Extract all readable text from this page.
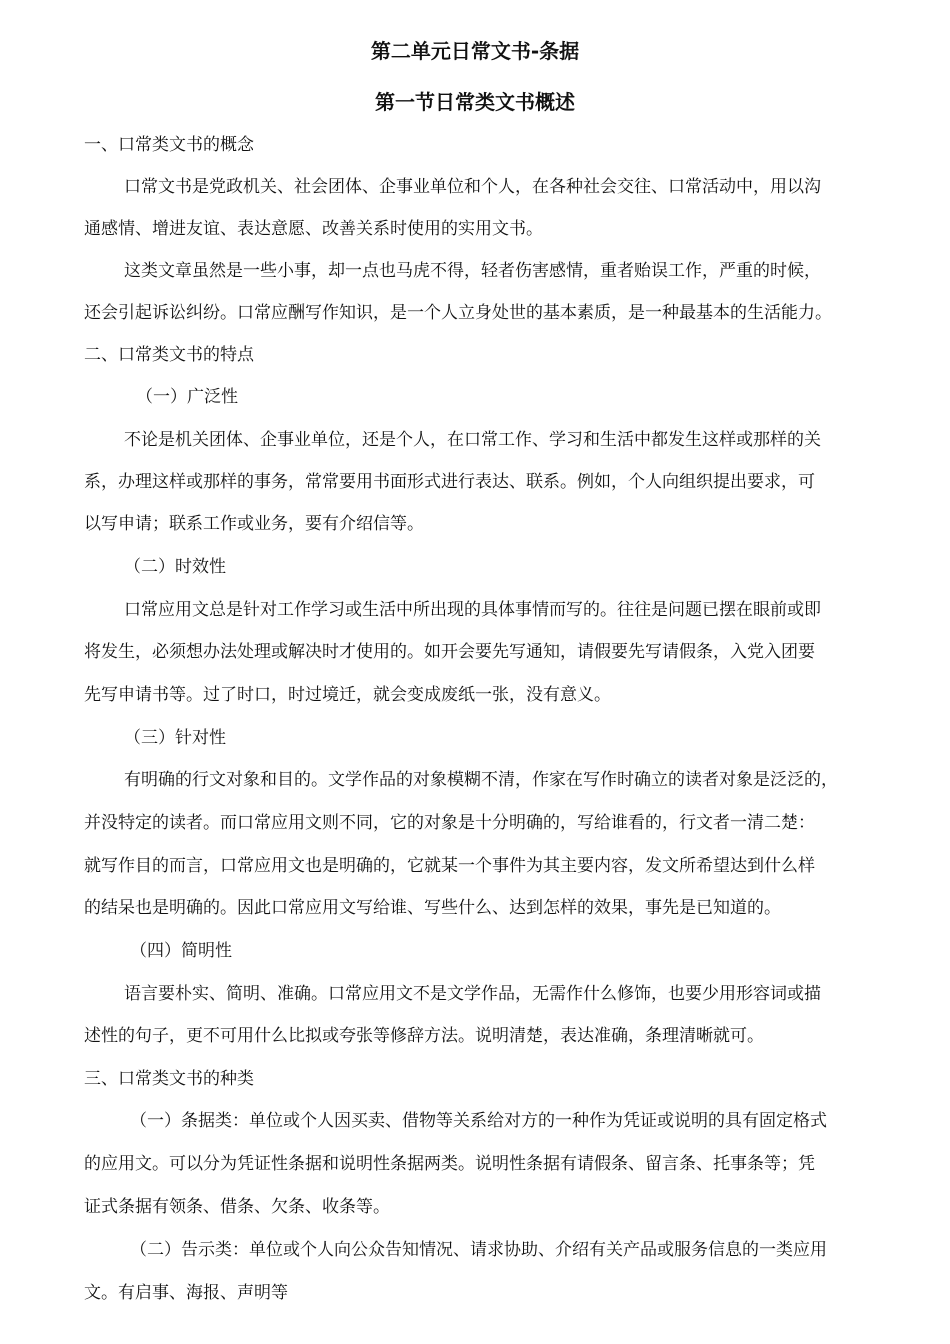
第二单元日常文书-条据
第一节日常类文书概述

一、口常类文书的概念

口常文书是党政机关、社会团体、企事业单位和个人，在各种社会交往、口常活动中，用以沟

通感情、增进友谊、表达意愿、改善关系时使用的实用文书。

这类文章虽然是一些小事，却一点也马虎不得，轻者伤害感情，重者贻误工作，严重的时候，

还会引起诉讼纠纷。口常应酬写作知识，是一个人立身处世的基本素质，是一种最基本的生活能力。

二、口常类文书的特点

（一）广泛性

不论是机关团体、企事业单位，还是个人，在口常工作、学习和生活中都发生这样或那样的关

系，办理这样或那样的事务，常常要用书面形式进行表达、联系。例如，个人向组织提出要求，可

以写申请；联系工作或业务，要有介绍信等。

（二）时效性

口常应用文总是针对工作学习或生活中所出现的具体事情而写的。往往是问题已摆在眼前或即

将发生，必须想办法处理或解决时才使用的。如开会要先写通知，请假要先写请假条，入党入团要

先写申请书等。过了时口，时过境迁，就会变成废纸一张，没有意义。

（三）针对性

有明确的行文对象和目的。文学作品的对象模糊不清，作家在写作时确立的读者对象是泛泛的，

并没特定的读者。而口常应用文则不同，它的对象是十分明确的，写给谁看的，行文者一清二楚：

就写作目的而言，口常应用文也是明确的，它就某一个事件为其主要内容，发文所希望达到什么样

的结呆也是明确的。因此口常应用文写给谁、写些什么、达到怎样的效果，事先是已知道的。

（四）简明性

语言要朴实、简明、准确。口常应用文不是文学作品，无需作什么修饰，也要少用形容词或描

述性的句子，更不可用什么比拟或夸张等修辞方法。说明清楚，表达准确，条理清晰就可。

三、口常类文书的种类

（一）条据类：单位或个人因买卖、借物等关系给对方的一种作为凭证或说明的具有固定格式

的应用文。可以分为凭证性条据和说明性条据两类。说明性条据有请假条、留言条、托事条等；凭

证式条据有领条、借条、欠条、收条等。

（二）告示类：单位或个人向公众告知情况、请求协助、介绍有关产品或服务信息的一类应用

文。有启事、海报、声明等
